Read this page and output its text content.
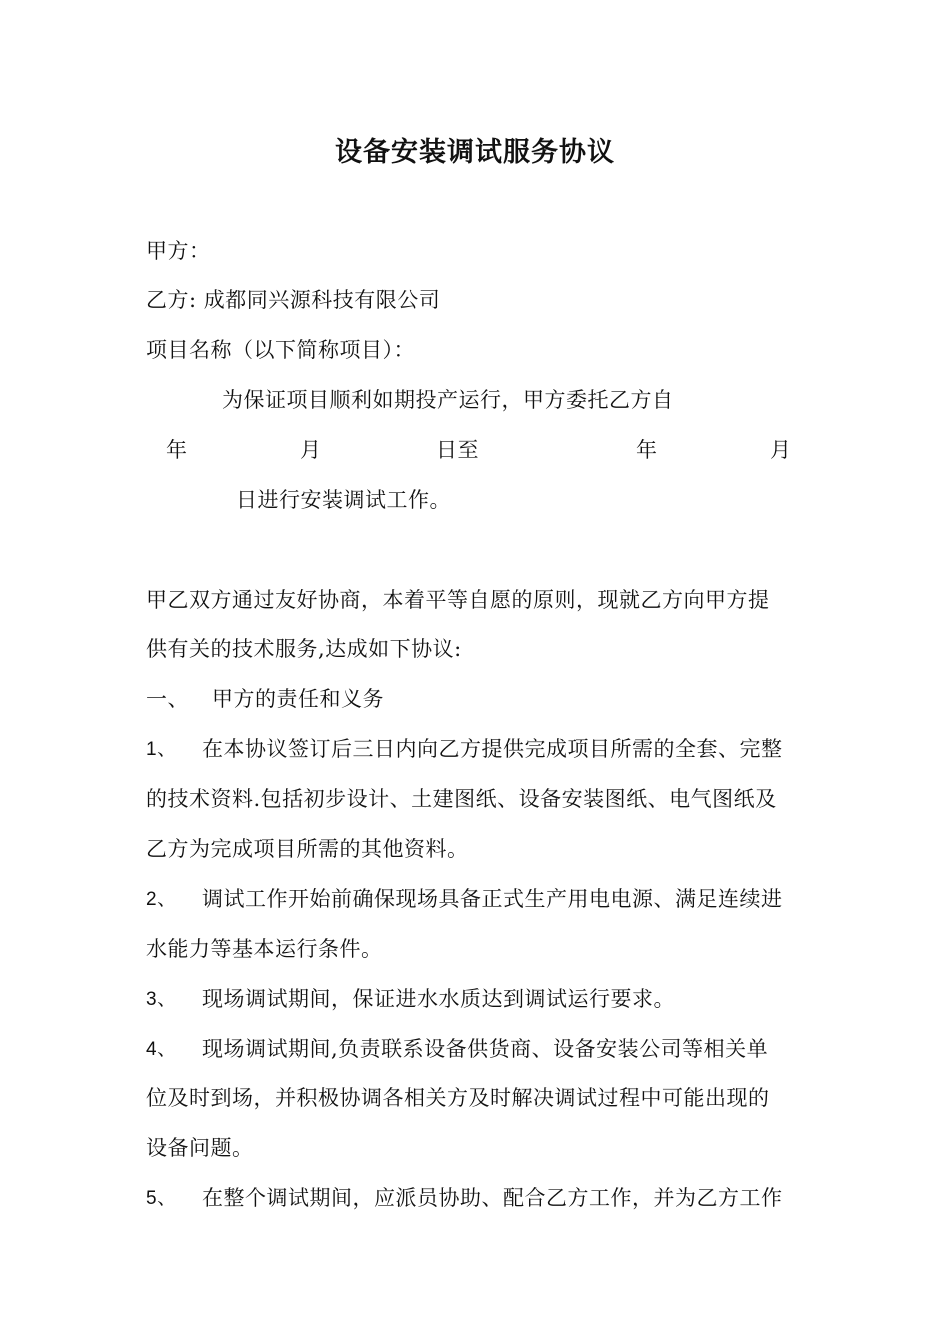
设备安装调试服务协议
甲方：
乙方: 成都同兴源科技有限公司
项目名称（以下简称项目）：
为保证项目顺利如期投产运行，甲方委托乙方自
年	月	日至	年	月
日进行安装调试工作。
甲乙双方通过友好协商，本着平等自愿的原则，现就乙方向甲方提
供有关的技术服务,达成如下协议:
一、 甲方的责任和义务
1、 在本协议签订后三日内向乙方提供完成项目所需的全套、完整
的技术资料.包括初步设计、土建图纸、设备安装图纸、电气图纸及
乙方为完成项目所需的其他资料。
2、 调试工作开始前确保现场具备正式生产用电电源、满足连续进
水能力等基本运行条件。
3、 现场调试期间，保证进水水质达到调试运行要求。
4、 现场调试期间,负责联系设备供货商、设备安装公司等相关单
位及时到场，并积极协调各相关方及时解决调试过程中可能出现的
设备问题。
5、 在整个调试期间，应派员协助、配合乙方工作，并为乙方工作
